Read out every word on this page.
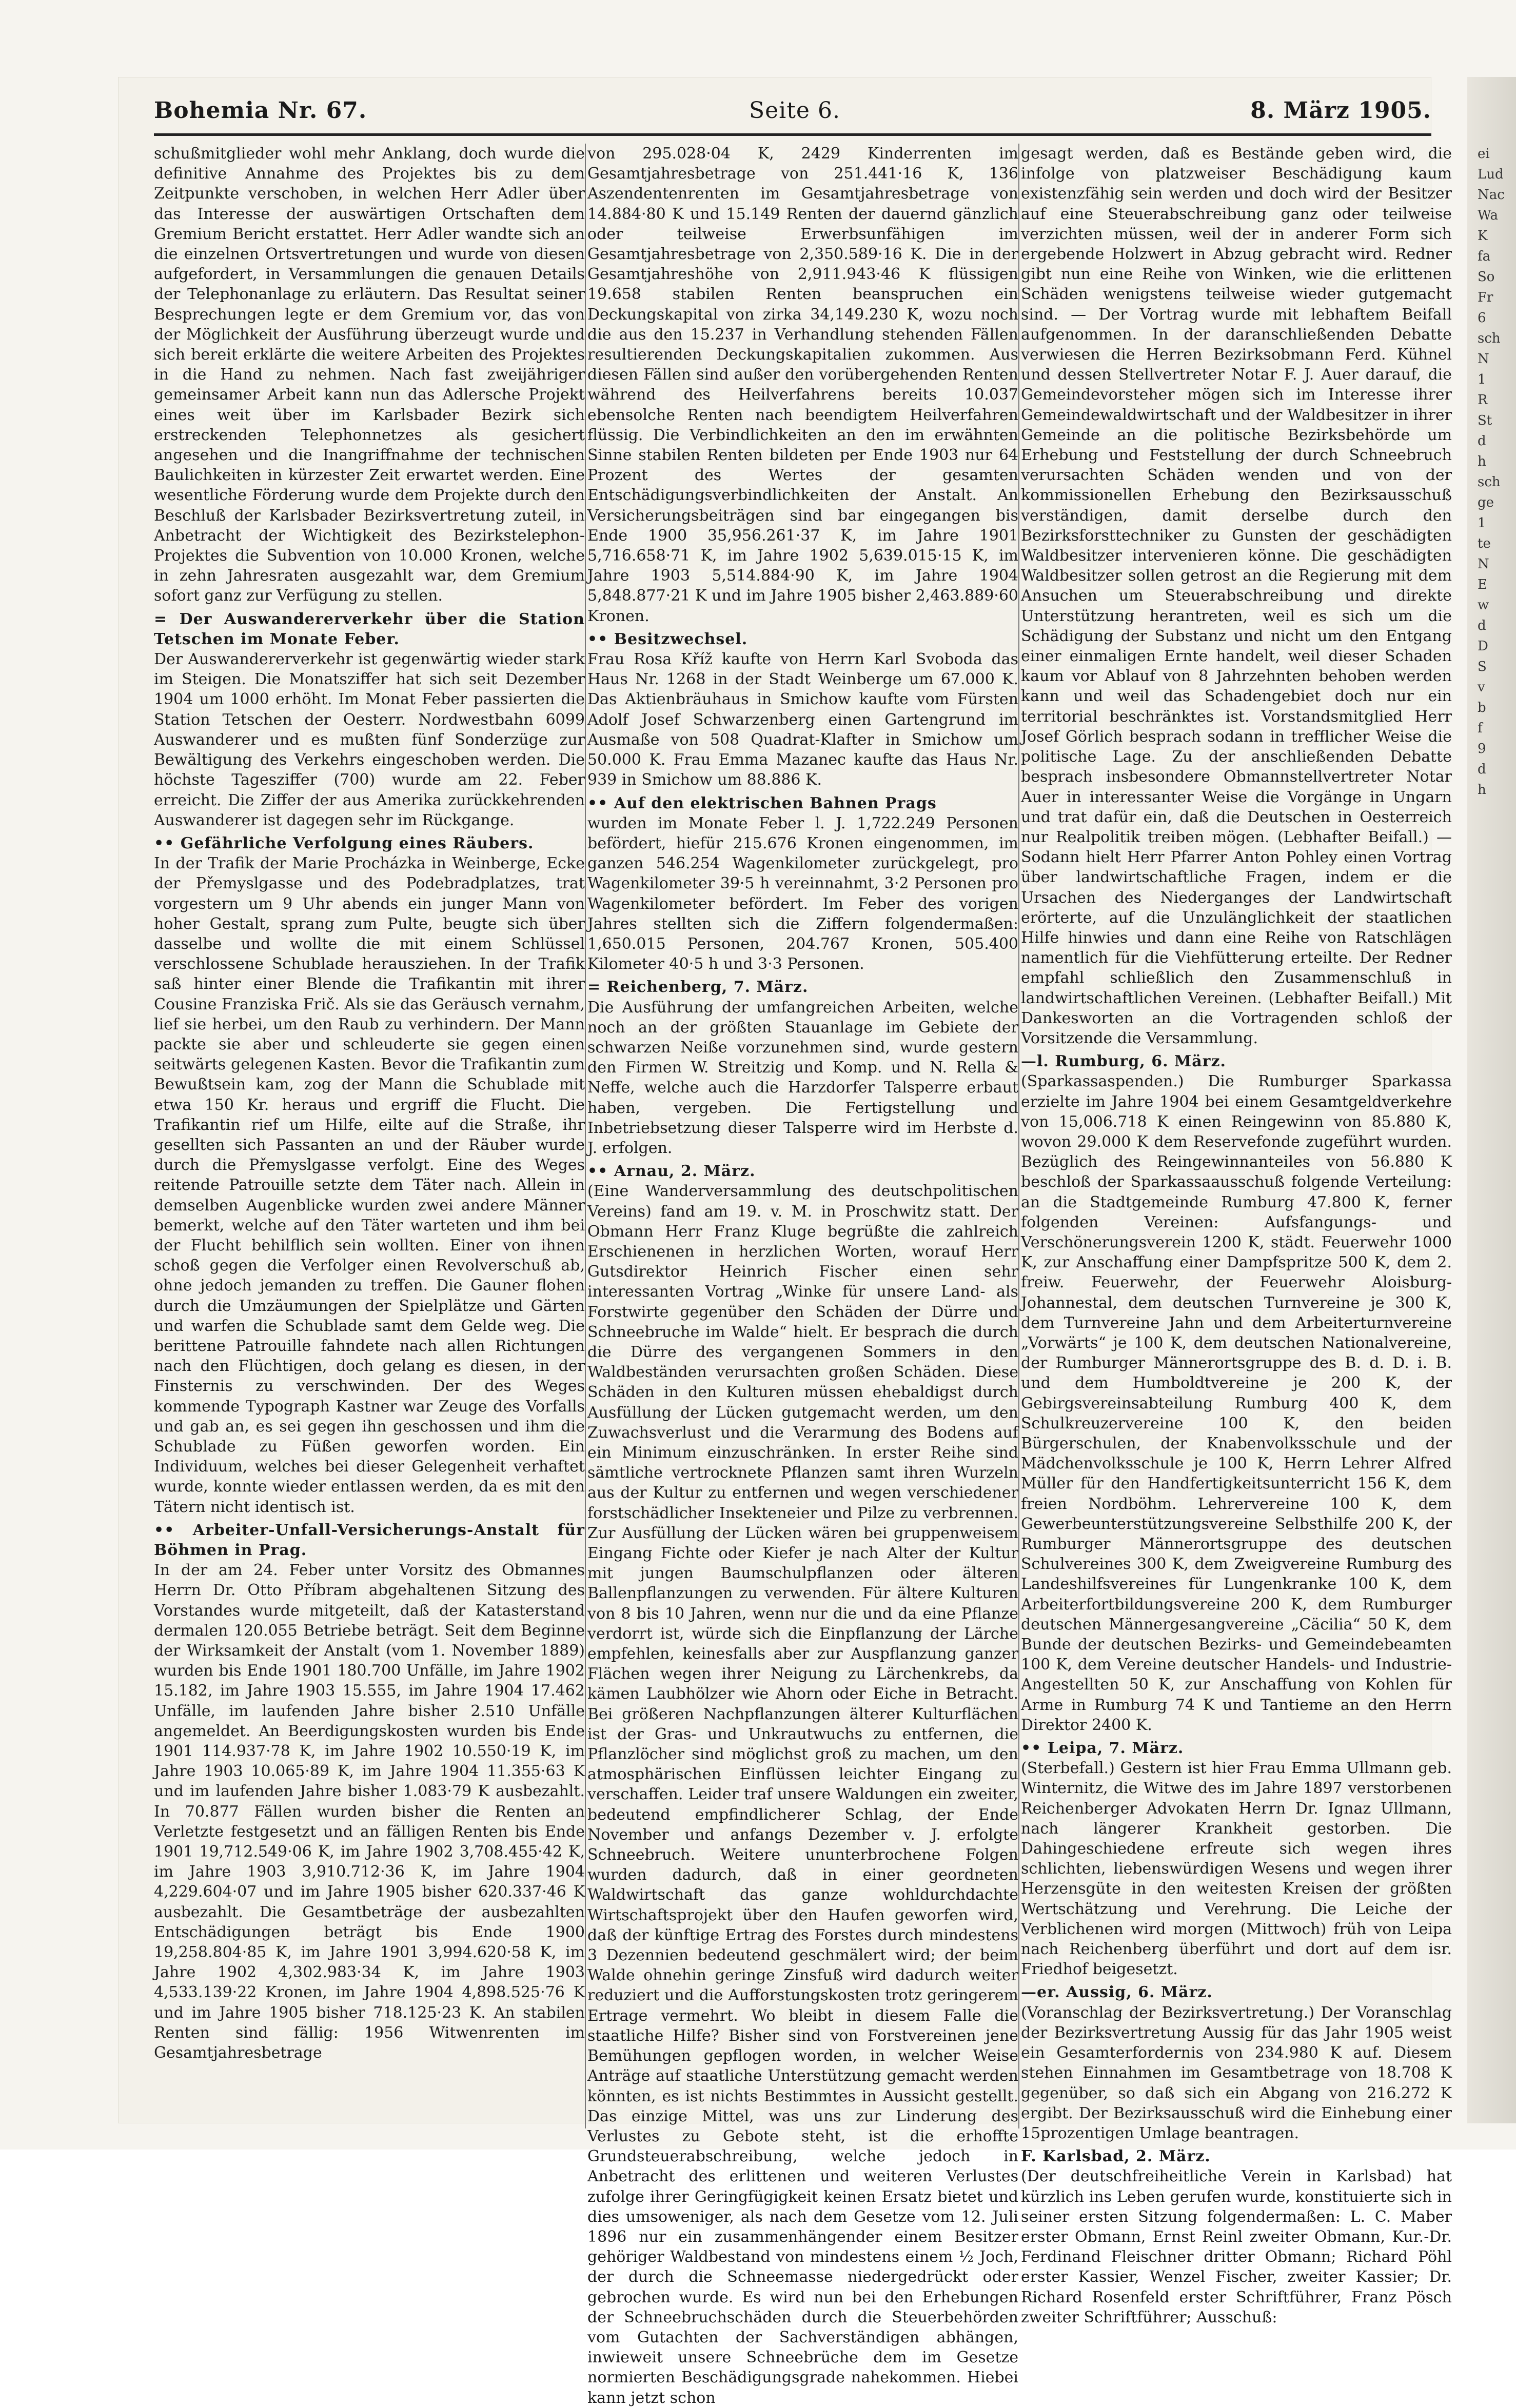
Bohemia Nr. 67.	Seite 6.	8. März 1905.

schußmitglieder wohl mehr Anklang, doch wurde die definitive Annahme des Projektes bis zu dem Zeitpunkte verschoben, in welchen Herr Adler über das Interesse der auswärtigen Ortschaften dem Gremium Bericht erstattet. Herr Adler wandte sich an die einzelnen Ortsvertretungen und wurde von diesen aufgefordert, in Versammlungen die genauen Details der Telephonanlage zu erläutern. Das Resultat seiner Besprechungen legte er dem Gremium vor, das von der Möglichkeit der Ausführung überzeugt wurde und sich bereit erklärte die weitere Arbeiten des Projektes in die Hand zu nehmen. Nach fast zweijähriger gemeinsamer Arbeit kann nun das Adlersche Projekt eines weit über im Karlsbader Bezirk sich erstreckenden Telephonnetzes als gesichert angesehen und die Inangriffnahme der technischen Baulichkeiten in kürzester Zeit erwartet werden. Eine wesentliche Förderung wurde dem Projekte durch den Beschluß der Karlsbader Bezirksvertretung zuteil, in Anbetracht der Wichtigkeit des Bezirkstelephon-Projektes die Subvention von 10.000 Kronen, welche in zehn Jahresraten ausgezahlt war, dem Gremium sofort ganz zur Verfügung zu stellen.

= Der Auswandererverkehr über die Station Tetschen im Monate Feber.

Der Auswandererverkehr ist gegenwärtig wieder stark im Steigen. Die Monatsziffer hat sich seit Dezember 1904 um 1000 erhöht. Im Monat Feber passierten die Station Tetschen der Oesterr. Nordwestbahn 6099 Auswanderer und es mußten fünf Sonderzüge zur Bewältigung des Verkehrs eingeschoben werden. Die höchste Tagesziffer (700) wurde am 22. Feber erreicht. Die Ziffer der aus Amerika zurückkehrenden Auswanderer ist dagegen sehr im Rückgange.

•• Gefährliche Verfolgung eines Räubers.

In der Trafik der Marie Procházka in Weinberge, Ecke der Přemyslgasse und des Podebradplatzes, trat vorgestern um 9 Uhr abends ein junger Mann von hoher Gestalt, sprang zum Pulte, beugte sich über dasselbe und wollte die mit einem Schlüssel verschlossene Schublade herausziehen. In der Trafik saß hinter einer Blende die Trafikantin mit ihrer Cousine Franziska Frič. Als sie das Geräusch vernahm, lief sie herbei, um den Raub zu verhindern. Der Mann packte sie aber und schleuderte sie gegen einen seitwärts gelegenen Kasten. Bevor die Trafikantin zum Bewußtsein kam, zog der Mann die Schublade mit etwa 150 Kr. heraus und ergriff die Flucht. Die Trafikantin rief um Hilfe, eilte auf die Straße, ihr gesellten sich Passanten an und der Räuber wurde durch die Přemyslgasse verfolgt. Eine des Weges reitende Patrouille setzte dem Täter nach. Allein in demselben Augenblicke wurden zwei andere Männer bemerkt, welche auf den Täter warteten und ihm bei der Flucht behilflich sein wollten. Einer von ihnen schoß gegen die Verfolger einen Revolverschuß ab, ohne jedoch jemanden zu treffen. Die Gauner flohen durch die Umzäumungen der Spielplätze und Gärten und warfen die Schublade samt dem Gelde weg. Die berittene Patrouille fahndete nach allen Richtungen nach den Flüchtigen, doch gelang es diesen, in der Finsternis zu verschwinden. Der des Weges kommende Typograph Kastner war Zeuge des Vorfalls und gab an, es sei gegen ihn geschossen und ihm die Schublade zu Füßen geworfen worden. Ein Individuum, welches bei dieser Gelegenheit verhaftet wurde, konnte wieder entlassen werden, da es mit den Tätern nicht identisch ist.

•• Arbeiter-Unfall-Versicherungs-Anstalt für Böhmen in Prag.

In der am 24. Feber unter Vorsitz des Obmannes Herrn Dr. Otto Příbram abgehaltenen Sitzung des Vorstandes wurde mitgeteilt, daß der Katasterstand dermalen 120.055 Betriebe beträgt. Seit dem Beginne der Wirksamkeit der Anstalt (vom 1. November 1889) wurden bis Ende 1901 180.700 Unfälle, im Jahre 1902 15.182, im Jahre 1903 15.555, im Jahre 1904 17.462 Unfälle, im laufenden Jahre bisher 2.510 Unfälle angemeldet. An Beerdigungskosten wurden bis Ende 1901 114.937·78 K, im Jahre 1902 10.550·19 K, im Jahre 1903 10.065·89 K, im Jahre 1904 11.355·63 K und im laufenden Jahre bisher 1.083·79 K ausbezahlt. In 70.877 Fällen wurden bisher die Renten an Verletzte festgesetzt und an fälligen Renten bis Ende 1901 19,712.549·06 K, im Jahre 1902 3,708.455·42 K, im Jahre 1903 3,910.712·36 K, im Jahre 1904 4,229.604·07 und im Jahre 1905 bisher 620.337·46 K ausbezahlt. Die Gesamtbeträge der ausbezahlten Entschädigungen beträgt bis Ende 1900 19,258.804·85 K, im Jahre 1901 3,994.620·58 K, im Jahre 1902 4,302.983·34 K, im Jahre 1903 4,533.139·22 Kronen, im Jahre 1904 4,898.525·76 K und im Jahre 1905 bisher 718.125·23 K. An stabilen Renten sind fällig: 1956 Witwenrenten im Gesamtjahresbetrage

von 295.028·04 K, 2429 Kinderrenten im Gesamtjahresbetrage von 251.441·16 K, 136 Aszendentenrenten im Gesamtjahresbetrage von 14.884·80 K und 15.149 Renten der dauernd gänzlich oder teilweise Erwerbsunfähigen im Gesamtjahresbetrage von 2,350.589·16 K. Die in der Gesamtjahreshöhe von 2,911.943·46 K flüssigen 19.658 stabilen Renten beanspruchen ein Deckungskapital von zirka 34,149.230 K, wozu noch die aus den 15.237 in Verhandlung stehenden Fällen resultierenden Deckungskapitalien zukommen. Aus diesen Fällen sind außer den vorübergehenden Renten während des Heilverfahrens bereits 10.037 ebensolche Renten nach beendigtem Heilverfahren flüssig. Die Verbindlichkeiten an den im erwähnten Sinne stabilen Renten bildeten per Ende 1903 nur 64 Prozent des Wertes der gesamten Entschädigungsverbindlichkeiten der Anstalt. An Versicherungsbeiträgen sind bar eingegangen bis Ende 1900 35,956.261·37 K, im Jahre 1901 5,716.658·71 K, im Jahre 1902 5,639.015·15 K, im Jahre 1903 5,514.884·90 K, im Jahre 1904 5,848.877·21 K und im Jahre 1905 bisher 2,463.889·60 Kronen.

•• Besitzwechsel.

Frau Rosa Kříž kaufte von Herrn Karl Svoboda das Haus Nr. 1268 in der Stadt Weinberge um 67.000 K. Das Aktienbräuhaus in Smichow kaufte vom Fürsten Adolf Josef Schwarzenberg einen Gartengrund im Ausmaße von 508 Quadrat-Klafter in Smichow um 50.000 K. Frau Emma Mazanec kaufte das Haus Nr. 939 in Smichow um 88.886 K.

•• Auf den elektrischen Bahnen Prags

wurden im Monate Feber l. J. 1,722.249 Personen befördert, hiefür 215.676 Kronen eingenommen, im ganzen 546.254 Wagenkilometer zurückgelegt, pro Wagenkilometer 39·5 h vereinnahmt, 3·2 Personen pro Wagenkilometer befördert. Im Feber des vorigen Jahres stellten sich die Ziffern folgendermaßen: 1,650.015 Personen, 204.767 Kronen, 505.400 Kilometer 40·5 h und 3·3 Personen.

= Reichenberg, 7. März.

Die Ausführung der umfangreichen Arbeiten, welche noch an der größten Stauanlage im Gebiete der schwarzen Neiße vorzunehmen sind, wurde gestern den Firmen W. Streitzig und Komp. und N. Rella & Neffe, welche auch die Harzdorfer Talsperre erbaut haben, vergeben. Die Fertigstellung und Inbetriebsetzung dieser Talsperre wird im Herbste d. J. erfolgen.

•• Arnau, 2. März.

(Eine Wanderversammlung des deutschpolitischen Vereins) fand am 19. v. M. in Proschwitz statt. Der Obmann Herr Franz Kluge begrüßte die zahlreich Erschienenen in herzlichen Worten, worauf Herr Gutsdirektor Heinrich Fischer einen sehr interessanten Vortrag „Winke für unsere Land- als Forstwirte gegenüber den Schäden der Dürre und Schneebruche im Walde“ hielt. Er besprach die durch die Dürre des vergangenen Sommers in den Waldbeständen verursachten großen Schäden. Diese Schäden in den Kulturen müssen ehebaldigst durch Ausfüllung der Lücken gutgemacht werden, um den Zuwachsverlust und die Verarmung des Bodens auf ein Minimum einzuschränken. In erster Reihe sind sämtliche vertrocknete Pflanzen samt ihren Wurzeln aus der Kultur zu entfernen und wegen verschiedener forstschädlicher Insekteneier und Pilze zu verbrennen. Zur Ausfüllung der Lücken wären bei gruppenweisem Eingang Fichte oder Kiefer je nach Alter der Kultur mit jungen Baumschulpflanzen oder älteren Ballenpflanzungen zu verwenden. Für ältere Kulturen von 8 bis 10 Jahren, wenn nur die und da eine Pflanze verdorrt ist, würde sich die Einpflanzung der Lärche empfehlen, keinesfalls aber zur Auspflanzung ganzer Flächen wegen ihrer Neigung zu Lärchenkrebs, da kämen Laubhölzer wie Ahorn oder Eiche in Betracht. Bei größeren Nachpflanzungen älterer Kulturflächen ist der Gras- und Unkrautwuchs zu entfernen, die Pflanzlöcher sind möglichst groß zu machen, um den atmosphärischen Einflüssen leichter Eingang zu verschaffen. Leider traf unsere Waldungen ein zweiter, bedeutend empfindlicherer Schlag, der Ende November und anfangs Dezember v. J. erfolgte Schneebruch. Weitere ununterbrochene Folgen wurden dadurch, daß in einer geordneten Waldwirtschaft das ganze wohldurchdachte Wirtschaftsprojekt über den Haufen geworfen wird, daß der künftige Ertrag des Forstes durch mindestens 3 Dezennien bedeutend geschmälert wird; der beim Walde ohnehin geringe Zinsfuß wird dadurch weiter reduziert und die Aufforstungskosten trotz geringerem Ertrage vermehrt. Wo bleibt in diesem Falle die staatliche Hilfe? Bisher sind von Forstvereinen jene Bemühungen gepflogen worden, in welcher Weise Anträge auf staatliche Unterstützung gemacht werden könnten, es ist nichts Bestimmtes in Aussicht gestellt. Das einzige Mittel, was uns zur Linderung des Verlustes zu Gebote steht, ist die erhoffte Grundsteuerabschreibung, welche jedoch in Anbetracht des erlittenen und weiteren Verlustes zufolge ihrer Geringfügigkeit keinen Ersatz bietet und dies umsoweniger, als nach dem Gesetze vom 12. Juli 1896 nur ein zusammenhängender einem Besitzer gehöriger Waldbestand von mindestens einem ½ Joch, der durch die Schneemasse niedergedrückt oder gebrochen wurde. Es wird nun bei den Erhebungen der Schneebruchschäden durch die Steuerbehörden vom Gutachten der Sachverständigen abhängen, inwieweit unsere Schneebrüche dem im Gesetze normierten Beschädigungsgrade nahekommen. Hiebei kann jetzt schon

gesagt werden, daß es Bestände geben wird, die infolge von platzweiser Beschädigung kaum existenzfähig sein werden und doch wird der Besitzer auf eine Steuerabschreibung ganz oder teilweise verzichten müssen, weil der in anderer Form sich ergebende Holzwert in Abzug gebracht wird. Redner gibt nun eine Reihe von Winken, wie die erlittenen Schäden wenigstens teilweise wieder gutgemacht sind. — Der Vortrag wurde mit lebhaftem Beifall aufgenommen. In der daranschließenden Debatte verwiesen die Herren Bezirksobmann Ferd. Kühnel und dessen Stellvertreter Notar F. J. Auer darauf, die Gemeindevorsteher mögen sich im Interesse ihrer Gemeindewaldwirtschaft und der Waldbesitzer in ihrer Gemeinde an die politische Bezirksbehörde um Erhebung und Feststellung der durch Schneebruch verursachten Schäden wenden und von der kommissionellen Erhebung den Bezirksausschuß verständigen, damit derselbe durch den Bezirksforsttechniker zu Gunsten der geschädigten Waldbesitzer intervenieren könne. Die geschädigten Waldbesitzer sollen getrost an die Regierung mit dem Ansuchen um Steuerabschreibung und direkte Unterstützung herantreten, weil es sich um die Schädigung der Substanz und nicht um den Entgang einer einmaligen Ernte handelt, weil dieser Schaden kaum vor Ablauf von 8 Jahrzehnten behoben werden kann und weil das Schadengebiet doch nur ein territorial beschränktes ist. Vorstandsmitglied Herr Josef Görlich besprach sodann in trefflicher Weise die politische Lage. Zu der anschließenden Debatte besprach insbesondere Obmannstellvertreter Notar Auer in interessanter Weise die Vorgänge in Ungarn und trat dafür ein, daß die Deutschen in Oesterreich nur Realpolitik treiben mögen. (Lebhafter Beifall.) — Sodann hielt Herr Pfarrer Anton Pohley einen Vortrag über landwirtschaftliche Fragen, indem er die Ursachen des Niederganges der Landwirtschaft erörterte, auf die Unzulänglichkeit der staatlichen Hilfe hinwies und dann eine Reihe von Ratschlägen namentlich für die Viehfütterung erteilte. Der Redner empfahl schließlich den Zusammenschluß in landwirtschaftlichen Vereinen. (Lebhafter Beifall.) Mit Dankesworten an die Vortragenden schloß der Vorsitzende die Versammlung.

—l. Rumburg, 6. März.

(Sparkassaspenden.) Die Rumburger Sparkassa erzielte im Jahre 1904 bei einem Gesamtgeldverkehre von 15,006.718 K einen Reingewinn von 85.880 K, wovon 29.000 K dem Reservefonde zugeführt wurden. Bezüglich des Reingewinnanteiles von 56.880 K beschloß der Sparkassaausschuß folgende Verteilung: an die Stadtgemeinde Rumburg 47.800 K, ferner folgenden Vereinen: Aufsfangungs- und Verschönerungsverein 1200 K, städt. Feuerwehr 1000 K, zur Anschaffung einer Dampfspritze 500 K, dem 2. freiw. Feuerwehr, der Feuerwehr Aloisburg-Johannestal, dem deutschen Turnvereine je 300 K, dem Turnvereine Jahn und dem Arbeiterturnvereine „Vorwärts“ je 100 K, dem deutschen Nationalvereine, der Rumburger Männerortsgruppe des B. d. D. i. B. und dem Humboldtvereine je 200 K, der Gebirgsvereinsabteilung Rumburg 400 K, dem Schulkreuzervereine 100 K, den beiden Bürgerschulen, der Knabenvolksschule und der Mädchenvolksschule je 100 K, Herrn Lehrer Alfred Müller für den Handfertigkeitsunterricht 156 K, dem freien Nordböhm. Lehrervereine 100 K, dem Gewerbeunterstützungsvereine Selbsthilfe 200 K, der Rumburger Männerortsgruppe des deutschen Schulvereines 300 K, dem Zweigvereine Rumburg des Landeshilfsvereines für Lungenkranke 100 K, dem Arbeiterfortbildungsvereine 200 K, dem Rumburger deutschen Männergesangvereine „Cäcilia“ 50 K, dem Bunde der deutschen Bezirks- und Gemeindebeamten 100 K, dem Vereine deutscher Handels- und Industrie-Angestellten 50 K, zur Anschaffung von Kohlen für Arme in Rumburg 74 K und Tantieme an den Herrn Direktor 2400 K.

•• Leipa, 7. März.

(Sterbefall.) Gestern ist hier Frau Emma Ullmann geb. Winternitz, die Witwe des im Jahre 1897 verstorbenen Reichenberger Advokaten Herrn Dr. Ignaz Ullmann, nach längerer Krankheit gestorben. Die Dahingeschiedene erfreute sich wegen ihres schlichten, liebenswürdigen Wesens und wegen ihrer Herzensgüte in den weitesten Kreisen der größten Wertschätzung und Verehrung. Die Leiche der Verblichenen wird morgen (Mittwoch) früh von Leipa nach Reichenberg überführt und dort auf dem isr. Friedhof beigesetzt.

—er. Aussig, 6. März.

(Voranschlag der Bezirksvertretung.) Der Voranschlag der Bezirksvertretung Aussig für das Jahr 1905 weist ein Gesamterfordernis von 234.980 K auf. Diesem stehen Einnahmen im Gesamtbetrage von 18.708 K gegenüber, so daß sich ein Abgang von 216.272 K ergibt. Der Bezirksausschuß wird die Einhebung einer 15prozentigen Umlage beantragen.

F. Karlsbad, 2. März.

(Der deutschfreiheitliche Verein in Karlsbad) hat kürzlich ins Leben gerufen wurde, konstituierte sich in seiner ersten Sitzung folgendermaßen: L. C. Maber erster Obmann, Ernst Reinl zweiter Obmann, Kur.-Dr. Ferdinand Fleischner dritter Obmann; Richard Pöhl erster Kassier, Wenzel Fischer, zweiter Kassier; Dr. Richard Rosenfeld erster Schriftführer, Franz Pösch zweiter Schriftführer; Ausschuß:

ei
Lud
Nac
Wa
K
fa
So
Fr
6
sch
N
1
R
St
d
h
sch
ge
1
te
N
E
w
d
D
S
v
b
f
9
d
h
